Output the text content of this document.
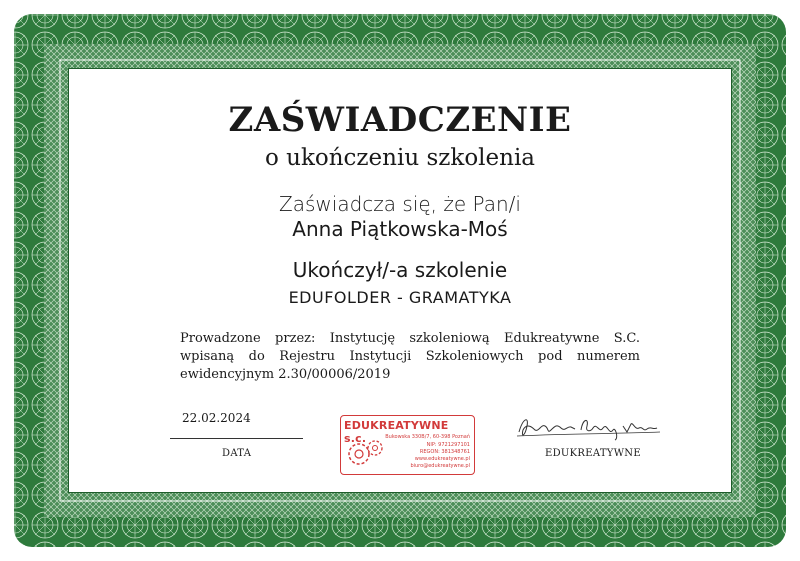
ZAŚWIADCZENIE
o ukończeniu szkolenia
Zaświadcza się, że Pan/i
Anna Piątkowska-Moś
Ukończył/-a szkolenie
EDUFOLDER - GRAMATYKA
Prowadzone przez: Instytucję szkoleniową Edukreatywne S.C. wpisaną do Rejestru Instytucji Szkoleniowych pod numerem ewidencyjnym 2.30/00006/2019
22.02.2024
DATA
EDUKREATYWNE s.c.	Bukowska 330B/7, 60-398 Poznań
NIP: 9721297101
REGON: 381348761
www.edukreatywne.pl
biuro@edukreatywne.pl
EDUKREATYWNE
